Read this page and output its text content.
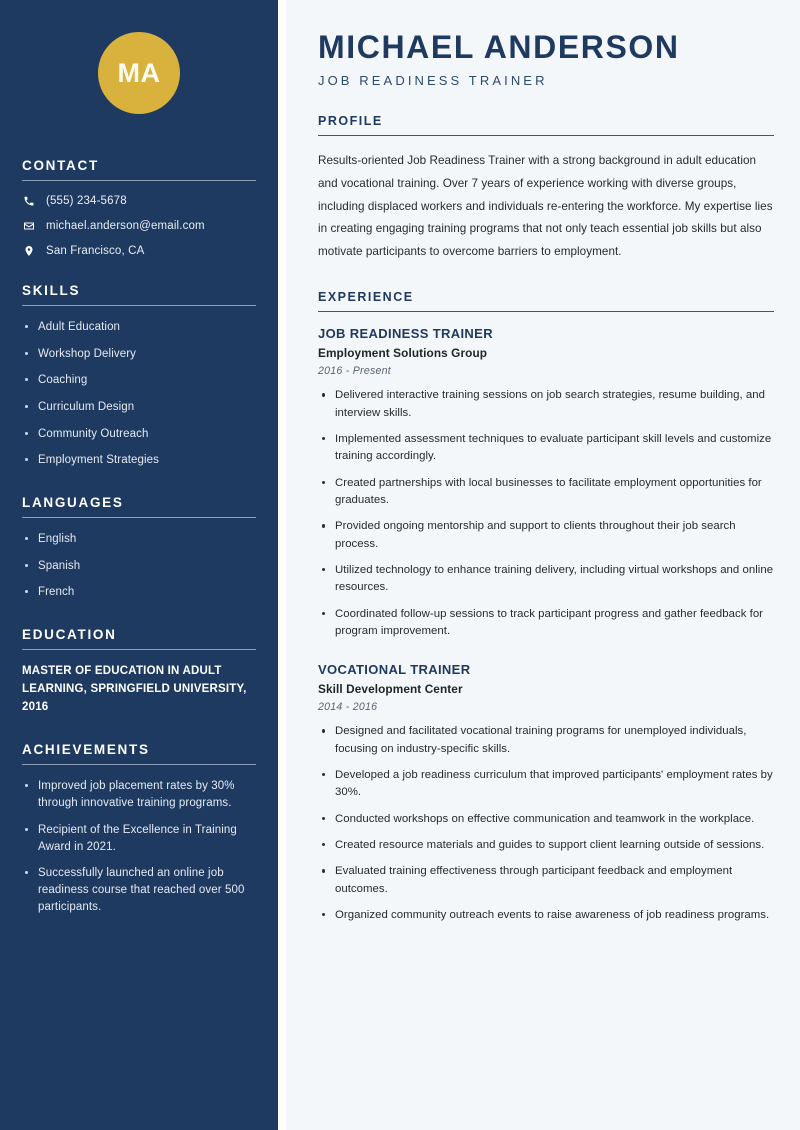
MA
CONTACT
(555) 234-5678
michael.anderson@email.com
San Francisco, CA
SKILLS
Adult Education
Workshop Delivery
Coaching
Curriculum Design
Community Outreach
Employment Strategies
LANGUAGES
English
Spanish
French
EDUCATION
MASTER OF EDUCATION IN ADULT LEARNING, SPRINGFIELD UNIVERSITY, 2016
ACHIEVEMENTS
Improved job placement rates by 30% through innovative training programs.
Recipient of the Excellence in Training Award in 2021.
Successfully launched an online job readiness course that reached over 500 participants.
MICHAEL ANDERSON
JOB READINESS TRAINER
PROFILE

Results-oriented Job Readiness Trainer with a strong background in adult education and vocational training. Over 7 years of experience working with diverse groups, including displaced workers and individuals re-entering the workforce. My expertise lies in creating engaging training programs that not only teach essential job skills but also motivate participants to overcome barriers to employment.

EXPERIENCE
JOB READINESS TRAINER
Employment Solutions Group
2016 - Present
Delivered interactive training sessions on job search strategies, resume building, and interview skills.
Implemented assessment techniques to evaluate participant skill levels and customize training accordingly.
Created partnerships with local businesses to facilitate employment opportunities for graduates.
Provided ongoing mentorship and support to clients throughout their job search process.
Utilized technology to enhance training delivery, including virtual workshops and online resources.
Coordinated follow-up sessions to track participant progress and gather feedback for program improvement.
VOCATIONAL TRAINER
Skill Development Center
2014 - 2016
Designed and facilitated vocational training programs for unemployed individuals, focusing on industry-specific skills.
Developed a job readiness curriculum that improved participants' employment rates by 30%.
Conducted workshops on effective communication and teamwork in the workplace.
Created resource materials and guides to support client learning outside of sessions.
Evaluated training effectiveness through participant feedback and employment outcomes.
Organized community outreach events to raise awareness of job readiness programs.
